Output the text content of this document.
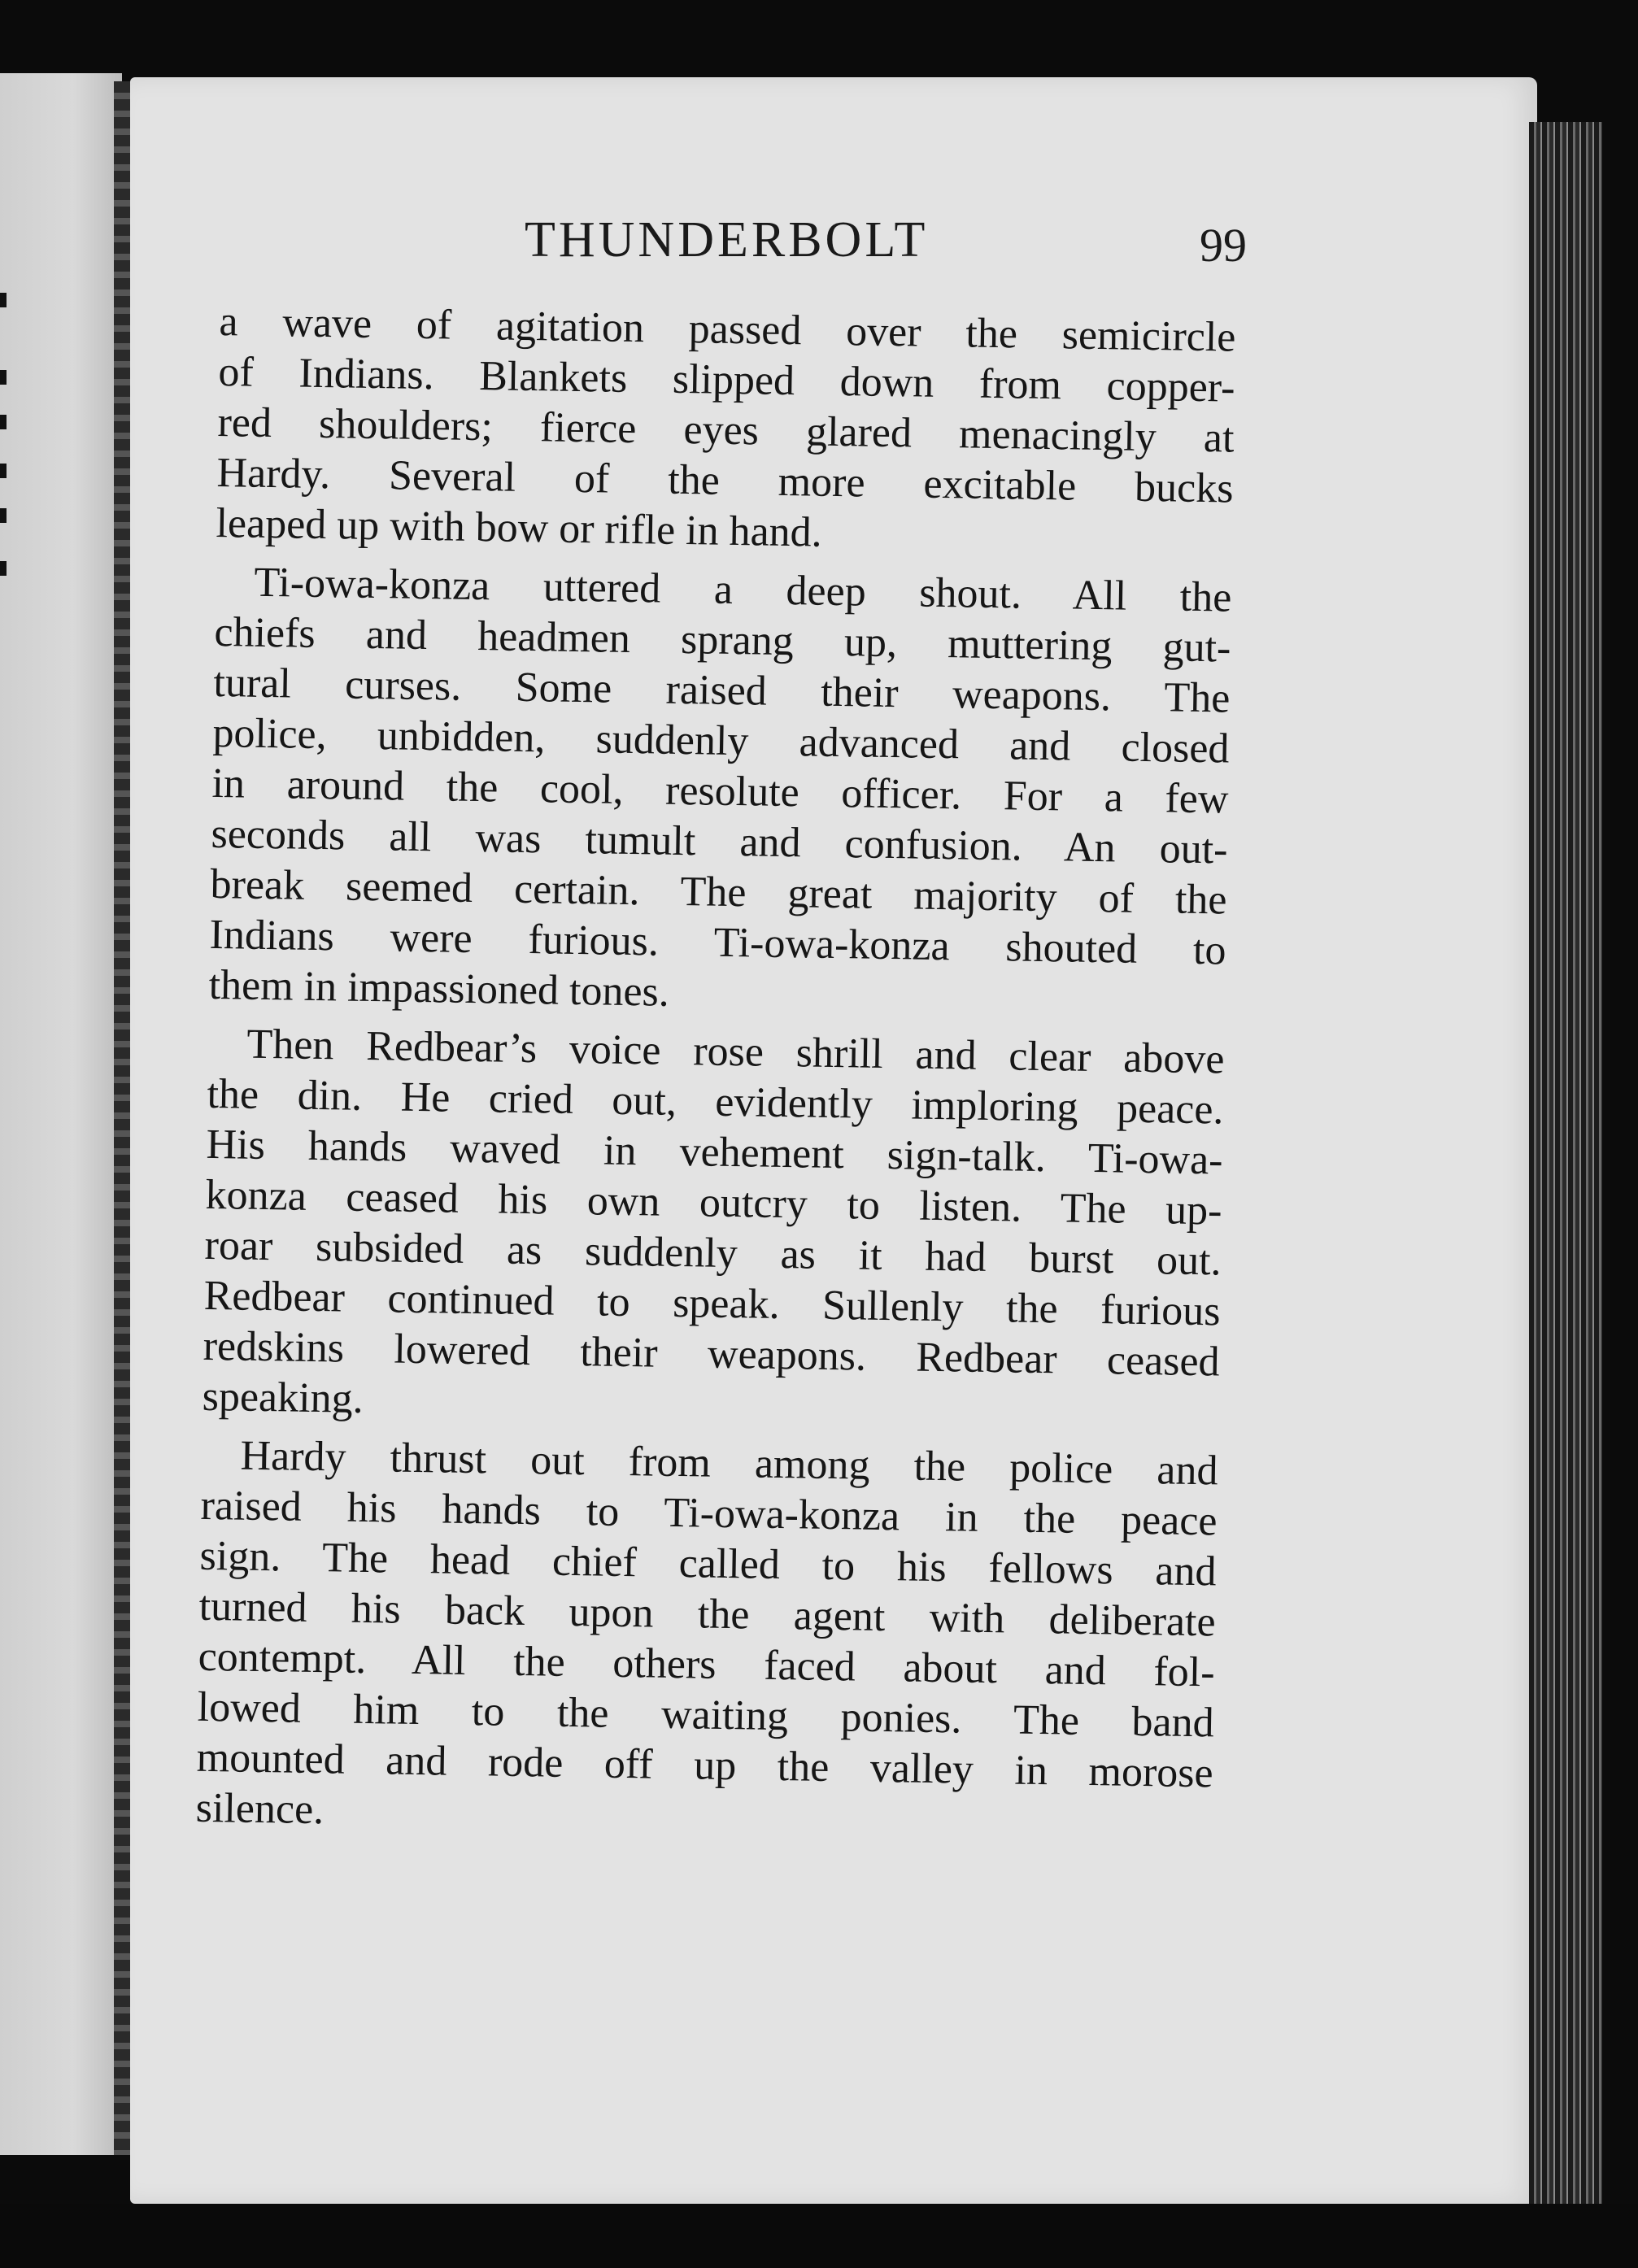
THUNDERBOLT	99

a wave of agitation passed over the semicircle
of Indians. Blankets slipped down from copper-
red shoulders; fierce eyes glared menacingly at
Hardy. Several of the more excitable bucks
leaped up with bow or rifle in hand.

Ti-owa-konza uttered a deep shout. All the
chiefs and headmen sprang up, muttering gut-
tural curses. Some raised their weapons. The
police, unbidden, suddenly advanced and closed
in around the cool, resolute officer. For a few
seconds all was tumult and confusion. An out-
break seemed certain. The great majority of the
Indians were furious. Ti-owa-konza shouted to
them in impassioned tones.

Then Redbear’s voice rose shrill and clear above
the din. He cried out, evidently imploring peace.
His hands waved in vehement sign-talk. Ti-owa-
konza ceased his own outcry to listen. The up-
roar subsided as suddenly as it had burst out.
Redbear continued to speak. Sullenly the furious
redskins lowered their weapons. Redbear ceased
speaking.

Hardy thrust out from among the police and
raised his hands to Ti-owa-konza in the peace
sign. The head chief called to his fellows and
turned his back upon the agent with deliberate
contempt. All the others faced about and fol-
lowed him to the waiting ponies. The band
mounted and rode off up the valley in morose
silence.
